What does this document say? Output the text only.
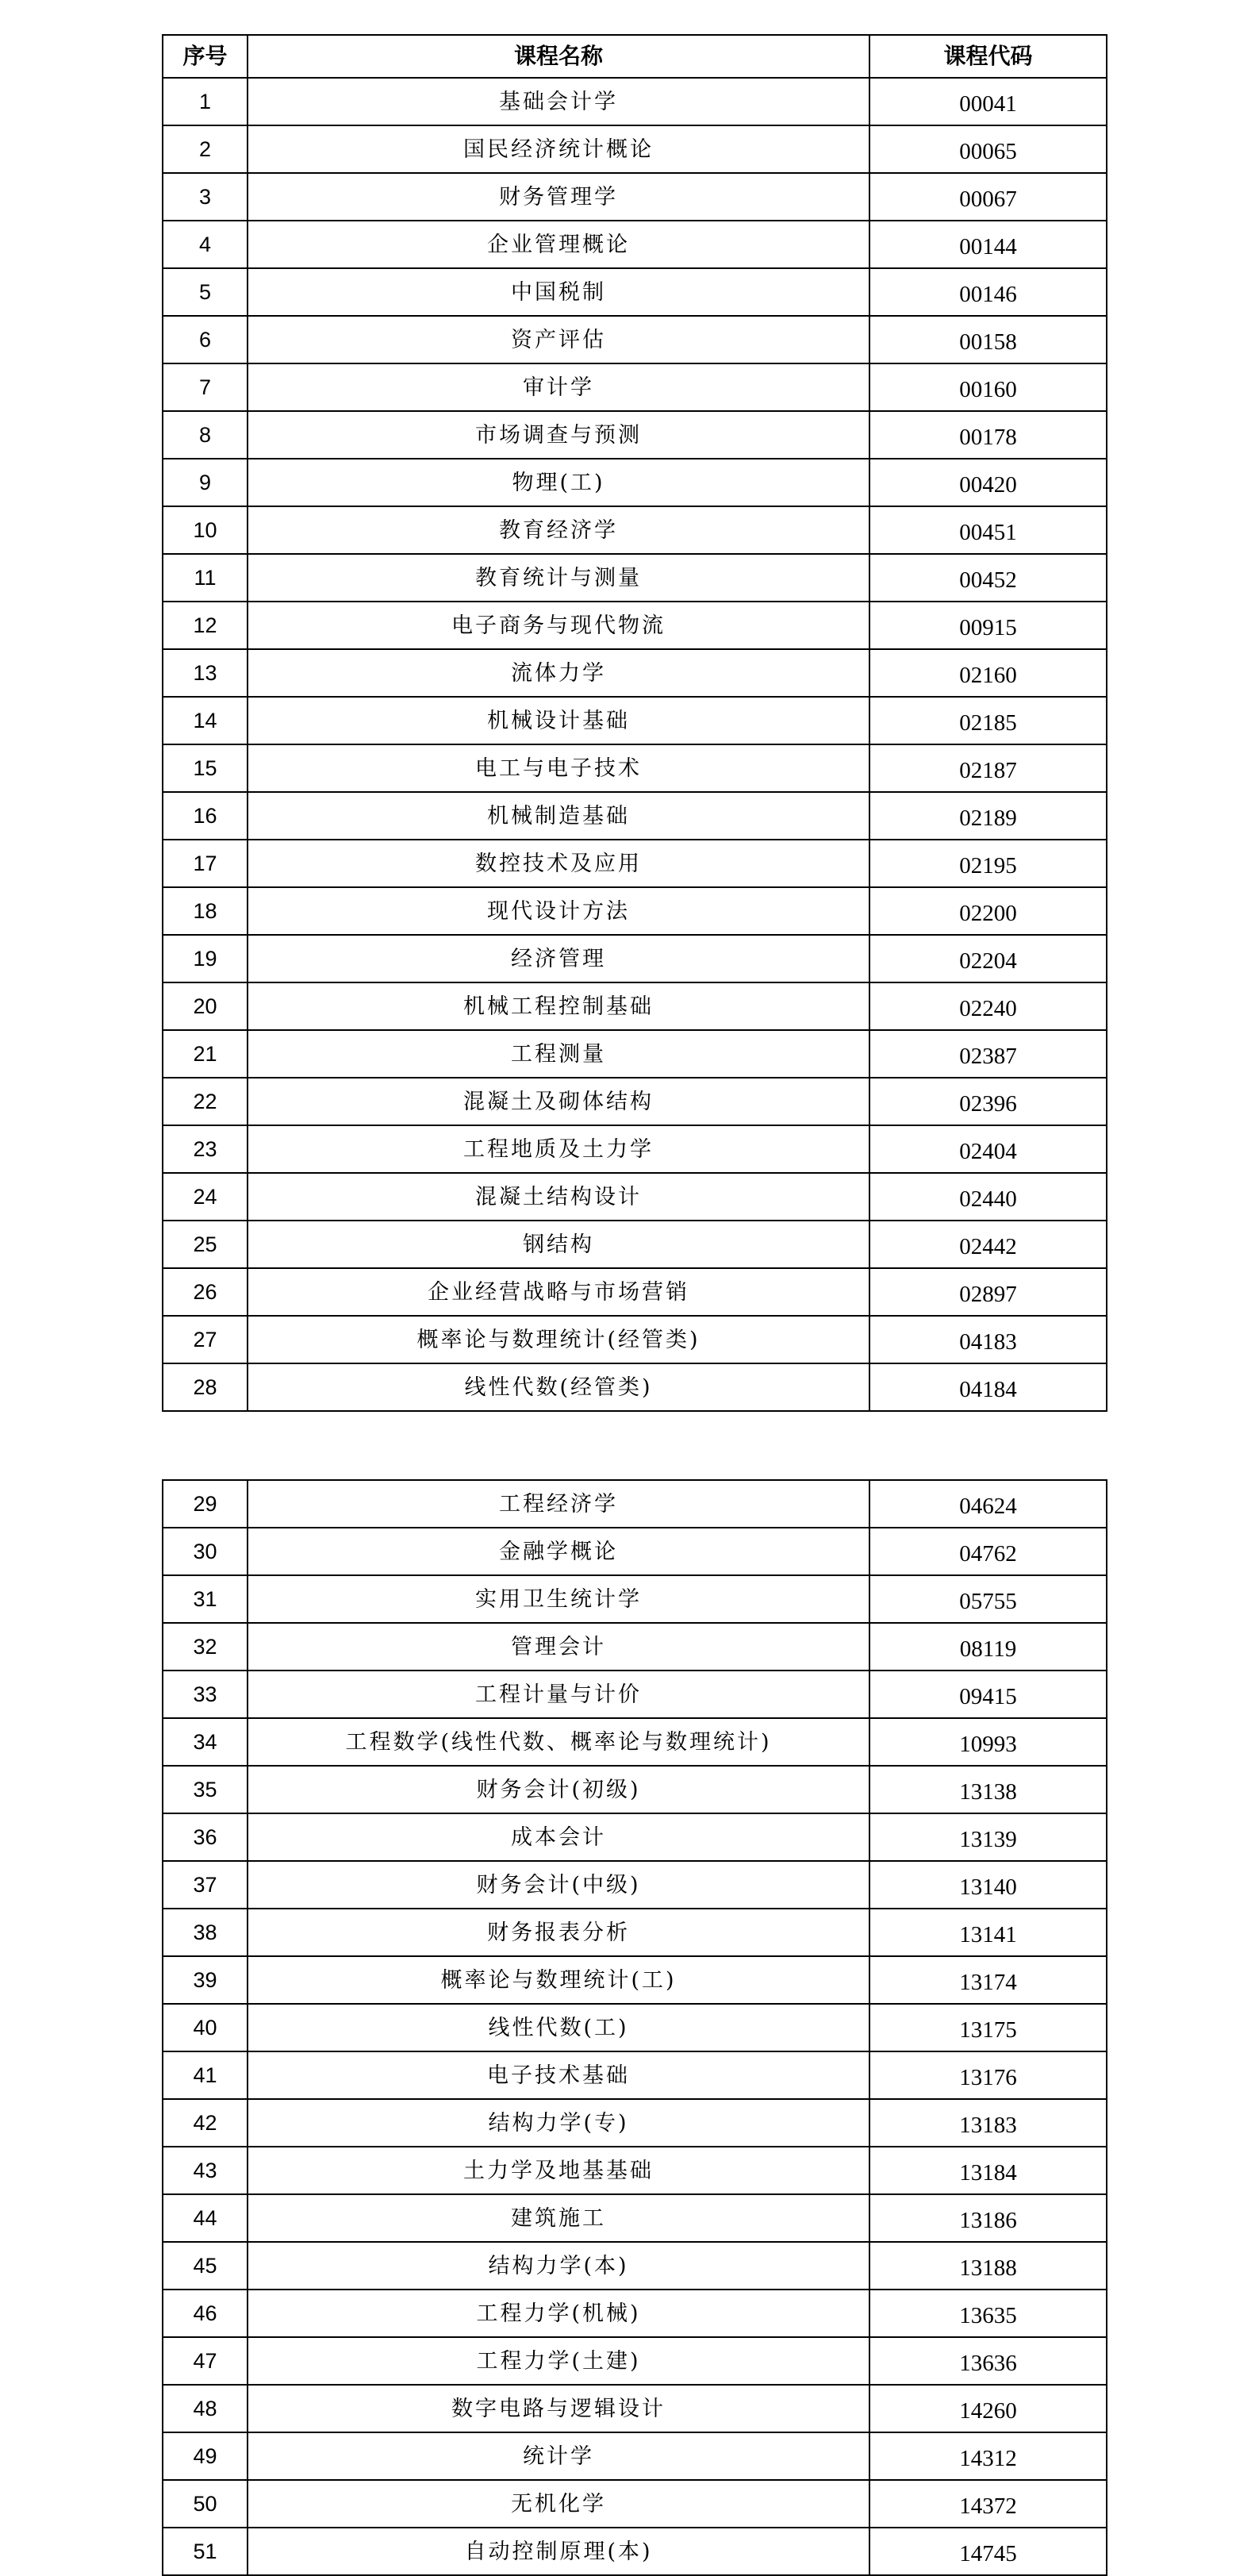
序号	课程名称	课程代码
1	基础会计学	00041
2	国民经济统计概论	00065
3	财务管理学	00067
4	企业管理概论	00144
5	中国税制	00146
6	资产评估	00158
7	审计学	00160
8	市场调查与预测	00178
9	物理(工)	00420
10	教育经济学	00451
11	教育统计与测量	00452
12	电子商务与现代物流	00915
13	流体力学	02160
14	机械设计基础	02185
15	电工与电子技术	02187
16	机械制造基础	02189
17	数控技术及应用	02195
18	现代设计方法	02200
19	经济管理	02204
20	机械工程控制基础	02240
21	工程测量	02387
22	混凝土及砌体结构	02396
23	工程地质及土力学	02404
24	混凝土结构设计	02440
25	钢结构	02442
26	企业经营战略与市场营销	02897
27	概率论与数理统计(经管类)	04183
28	线性代数(经管类)	04184
29	工程经济学	04624
30	金融学概论	04762
31	实用卫生统计学	05755
32	管理会计	08119
33	工程计量与计价	09415
34	工程数学(线性代数、概率论与数理统计)	10993
35	财务会计(初级)	13138
36	成本会计	13139
37	财务会计(中级)	13140
38	财务报表分析	13141
39	概率论与数理统计(工)	13174
40	线性代数(工)	13175
41	电子技术基础	13176
42	结构力学(专)	13183
43	土力学及地基基础	13184
44	建筑施工	13186
45	结构力学(本)	13188
46	工程力学(机械)	13635
47	工程力学(土建)	13636
48	数字电路与逻辑设计	14260
49	统计学	14312
50	无机化学	14372
51	自动控制原理(本)	14745
